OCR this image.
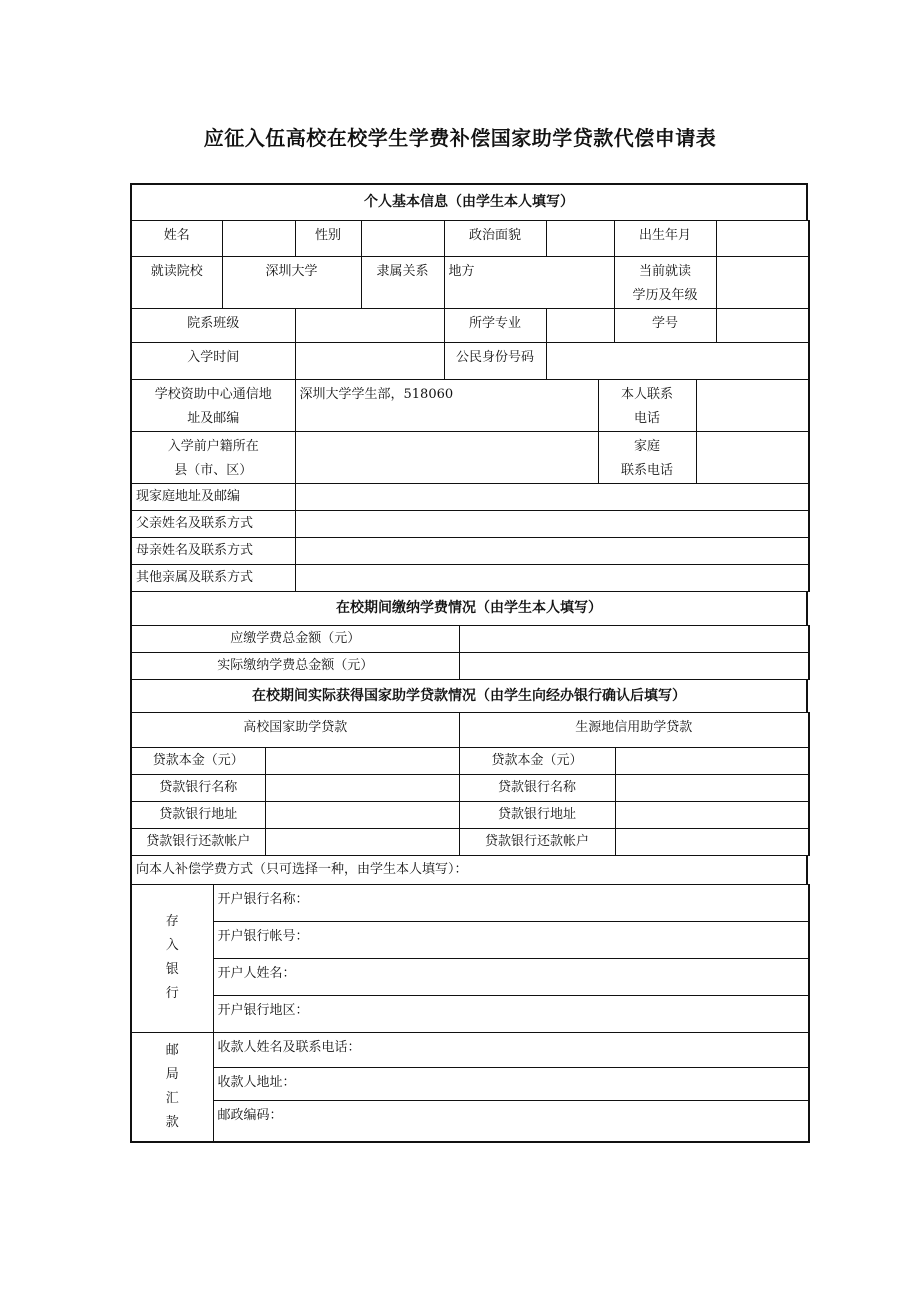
应征入伍高校在校学生学费补偿国家助学贷款代偿申请表
个人基本信息（由学生本人填写）
姓名		性别		政治面貌		出生年月	
就读院校	深圳大学	隶属关系	地方	当前就读
学历及年级

院系班级		所学专业		学号	
入学时间		公民身份号码	
学校资助中心通信地
址及邮编	深圳大学学生部，518060	本人联系
电话	

入学前户籍所在
县（市、区）		家庭
联系电话	

现家庭地址及邮编	
父亲姓名及联系方式	
母亲姓名及联系方式	
其他亲属及联系方式	
在校期间缴纳学费情况（由学生本人填写）
应缴学费总金额（元）	
实际缴纳学费总金额（元）	
在校期间实际获得国家助学贷款情况（由学生向经办银行确认后填写）
高校国家助学贷款		生源地信用助学贷款	
贷款本金（元）		贷款本金（元）	
贷款银行名称		贷款银行名称	
贷款银行地址		贷款银行地址	
贷款银行还款帐户		贷款银行还款帐户	
向本人补偿学费方式（只可选择一种，由学生本人填写）：
存
入
银
行	开户银行名称：
	开户银行帐号：
	开户人姓名：
	开户银行地区：

邮
局
汇
款	收款人姓名及联系电话：
	收款人地址：
	邮政编码：
